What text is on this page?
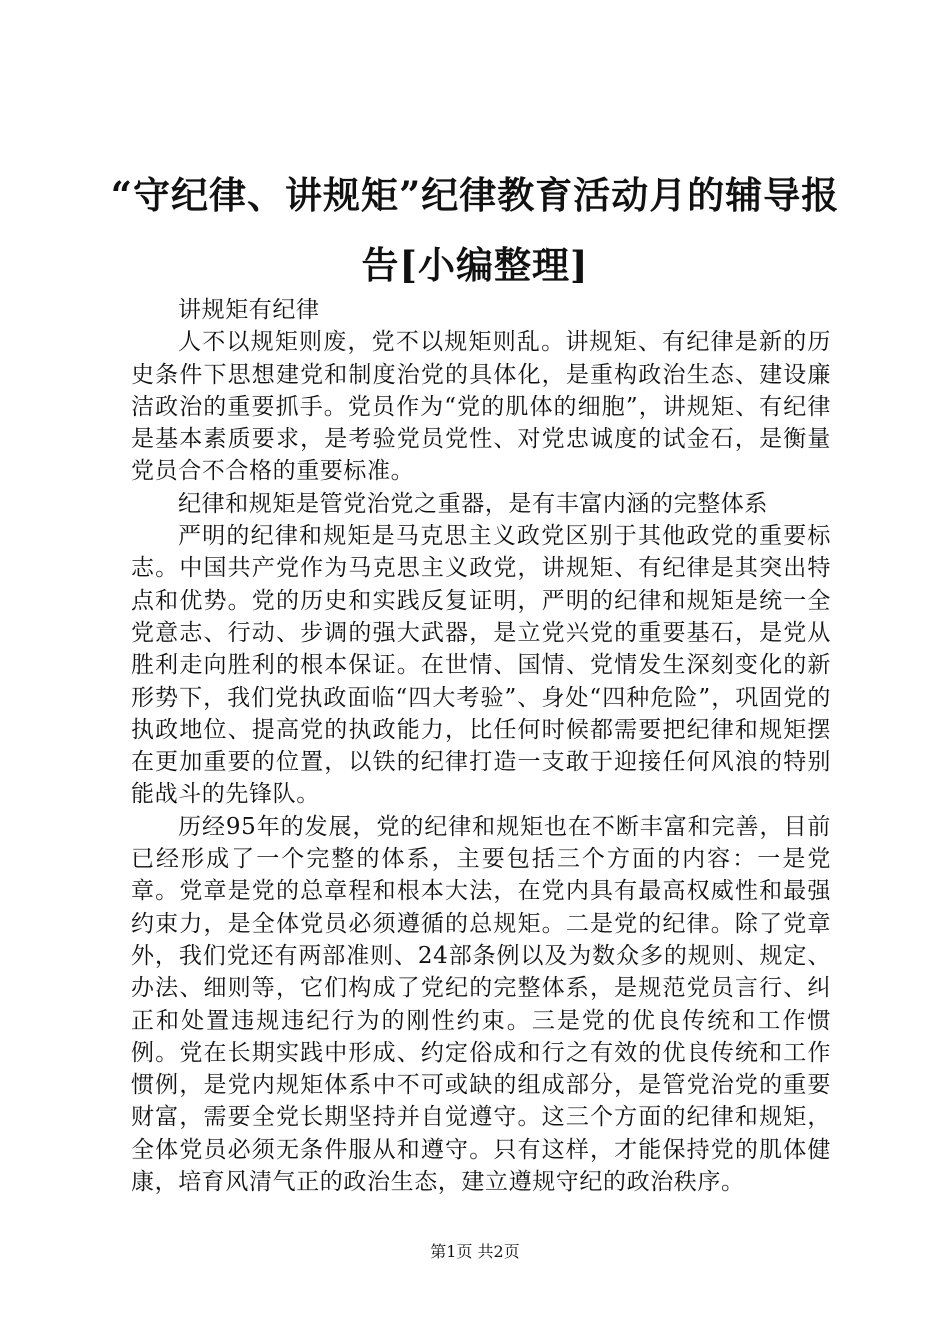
“守纪律、讲规矩”纪律教育活动月的辅导报告[小编整理]

讲规矩有纪律

人不以规矩则废，党不以规矩则乱。讲规矩、有纪律是新的历史条件下思想建党和制度治党的具体化，是重构政治生态、建设廉洁政治的重要抓手。党员作为“党的肌体的细胞”，讲规矩、有纪律是基本素质要求，是考验党员党性、对党忠诚度的试金石，是衡量党员合不合格的重要标准。

纪律和规矩是管党治党之重器，是有丰富内涵的完整体系

严明的纪律和规矩是马克思主义政党区别于其他政党的重要标志。中国共产党作为马克思主义政党，讲规矩、有纪律是其突出特点和优势。党的历史和实践反复证明，严明的纪律和规矩是统一全党意志、行动、步调的强大武器，是立党兴党的重要基石，是党从胜利走向胜利的根本保证。在世情、国情、党情发生深刻变化的新形势下，我们党执政面临“四大考验”、身处“四种危险”，巩固党的执政地位、提高党的执政能力，比任何时候都需要把纪律和规矩摆在更加重要的位置，以铁的纪律打造一支敢于迎接任何风浪的特别能战斗的先锋队。

历经95年的发展，党的纪律和规矩也在不断丰富和完善，目前已经形成了一个完整的体系，主要包括三个方面的内容：一是党章。党章是党的总章程和根本大法，在党内具有最高权威性和最强约束力，是全体党员必须遵循的总规矩。二是党的纪律。除了党章外，我们党还有两部准则、24部条例以及为数众多的规则、规定、办法、细则等，它们构成了党纪的完整体系，是规范党员言行、纠正和处置违规违纪行为的刚性约束。三是党的优良传统和工作惯例。党在长期实践中形成、约定俗成和行之有效的优良传统和工作惯例，是党内规矩体系中不可或缺的组成部分，是管党治党的重要财富，需要全党长期坚持并自觉遵守。这三个方面的纪律和规矩，全体党员必须无条件服从和遵守。只有这样，才能保持党的肌体健康，培育风清气正的政治生态，建立遵规守纪的政治秩序。

第1页 共2页
